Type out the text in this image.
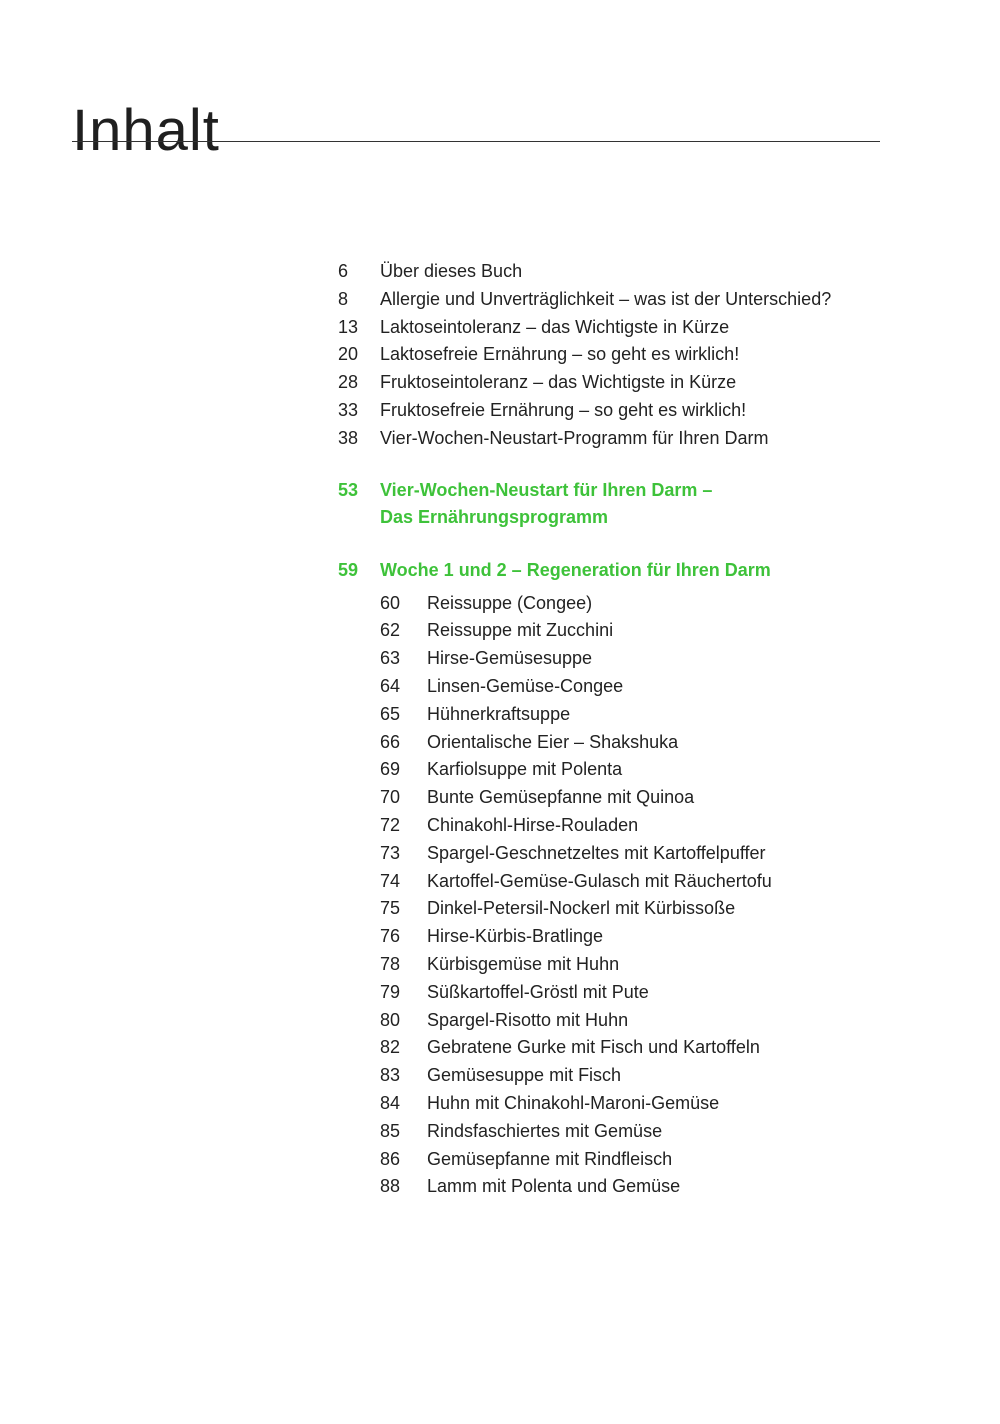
Inhalt
6	Über dieses Buch
8	Allergie und Unverträglichkeit – was ist der Unterschied?
13	Laktoseintoleranz – das Wichtigste in Kürze
20	Laktosefreie Ernährung – so geht es wirklich!
28	Fruktoseintoleranz – das Wichtigste in Kürze
33	Fruktosefreie Ernährung – so geht es wirklich!
38	Vier-Wochen-Neustart-Programm für Ihren Darm
53	Vier-Wochen-Neustart für Ihren Darm –
Das Ernährungsprogramm
59	Woche 1 und 2 – Regeneration für Ihren Darm
60	Reissuppe (Congee)
62	Reissuppe mit Zucchini
63	Hirse-Gemüsesuppe
64	Linsen-Gemüse-Congee
65	Hühnerkraftsuppe
66	Orientalische Eier – Shakshuka
69	Karfiolsuppe mit Polenta
70	Bunte Gemüsepfanne mit Quinoa
72	Chinakohl-Hirse-Rouladen
73	Spargel-Geschnetzeltes mit Kartoffelpuffer
74	Kartoffel-Gemüse-Gulasch mit Räuchertofu
75	Dinkel-Petersil-Nockerl mit Kürbissoße
76	Hirse-Kürbis-Bratlinge
78	Kürbisgemüse mit Huhn
79	Süßkartoffel-Gröstl mit Pute
80	Spargel-Risotto mit Huhn
82	Gebratene Gurke mit Fisch und Kartoffeln
83	Gemüsesuppe mit Fisch
84	Huhn mit Chinakohl-Maroni-Gemüse
85	Rindsfaschiertes mit Gemüse
86	Gemüsepfanne mit Rindfleisch
88	Lamm mit Polenta und Gemüse
